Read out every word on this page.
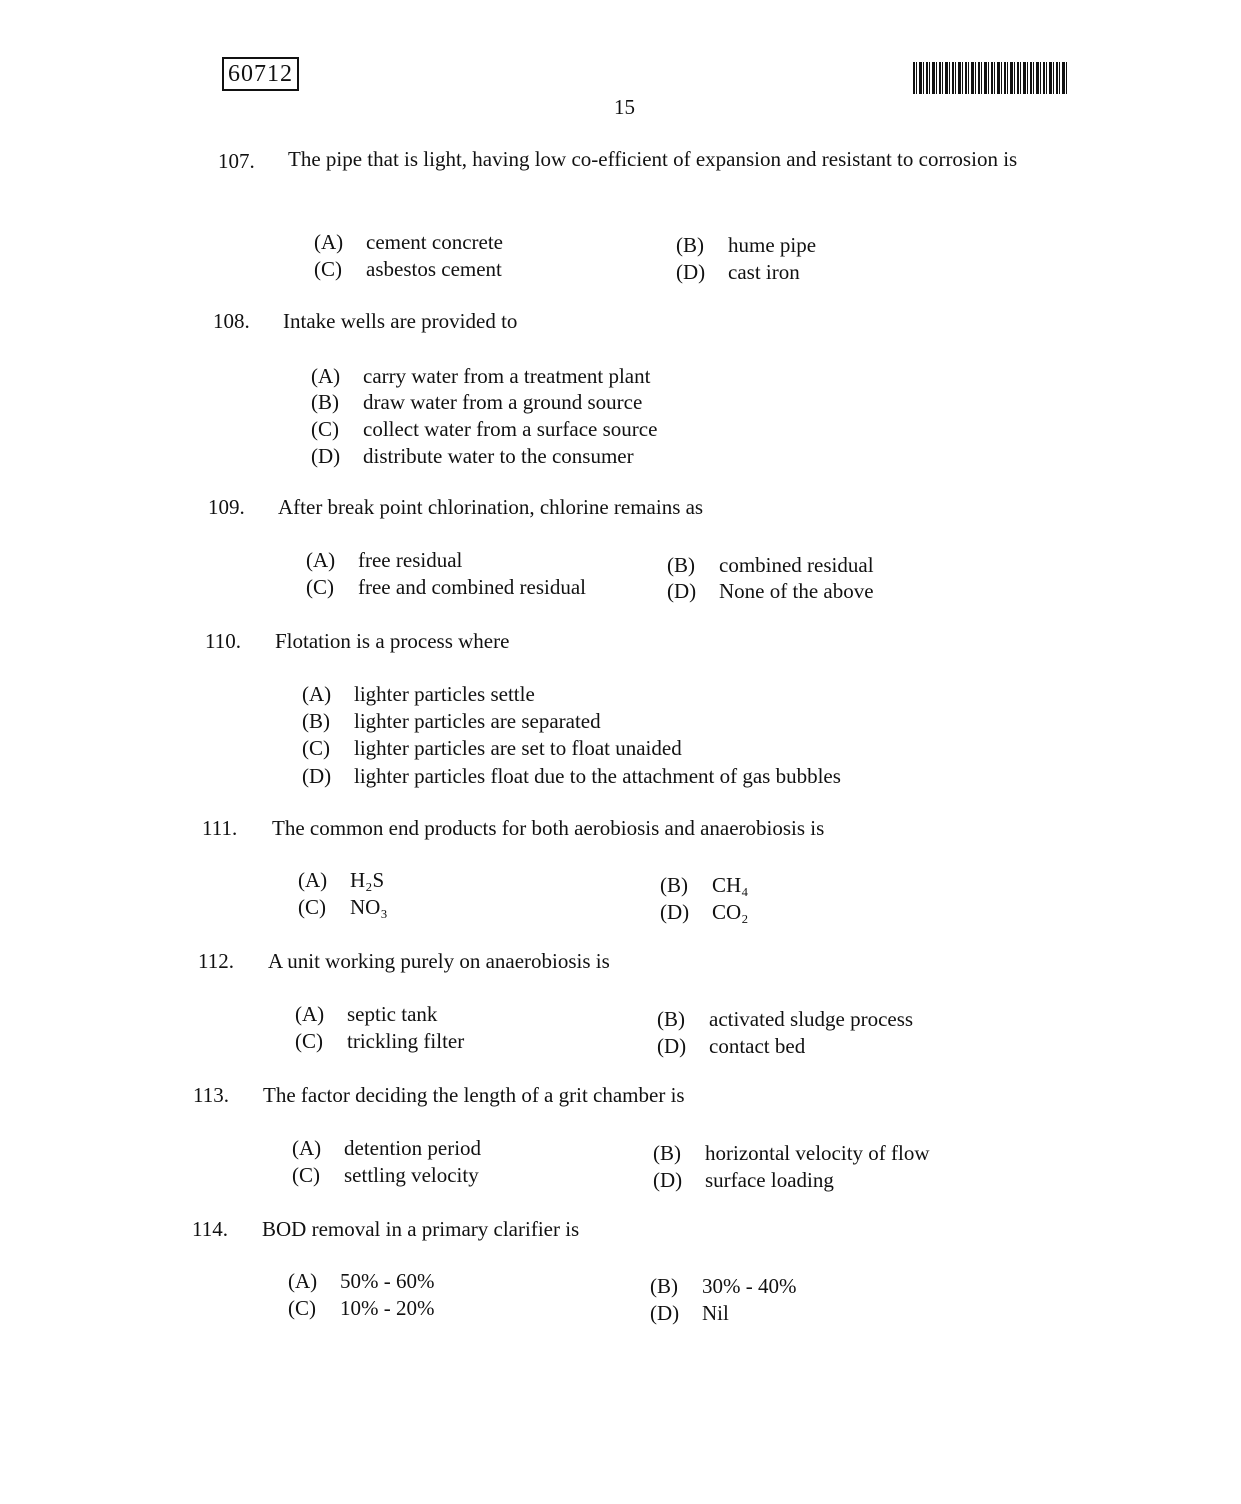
60712
15
107. The pipe that is light, having low co-efficient of expansion and resistant to corrosion is
(A) cement concrete	(B) hume pipe
(C) asbestos cement	(D) cast iron
108. Intake wells are provided to
(A) carry water from a treatment plant
(B) draw water from a ground source
(C) collect water from a surface source
(D) distribute water to the consumer
109. After break point chlorination, chlorine remains as
(A) free residual	(B) combined residual
(C) free and combined residual	(D) None of the above
110. Flotation is a process where
(A) lighter particles settle
(B) lighter particles are separated
(C) lighter particles are set to float unaided
(D) lighter particles float due to the attachment of gas bubbles
111. The common end products for both aerobiosis and anaerobiosis is
(A) H₂S	(B) CH₄
(C) NO₃	(D) CO₂
112. A unit working purely on anaerobiosis is
(A) septic tank	(B) activated sludge process
(C) trickling filter	(D) contact bed
113. The factor deciding the length of a grit chamber is
(A) detention period	(B) horizontal velocity of flow
(C) settling velocity	(D) surface loading
114. BOD removal in a primary clarifier is
(A) 50% - 60%	(B) 30% - 40%
(C) 10% - 20%	(D) Nil
